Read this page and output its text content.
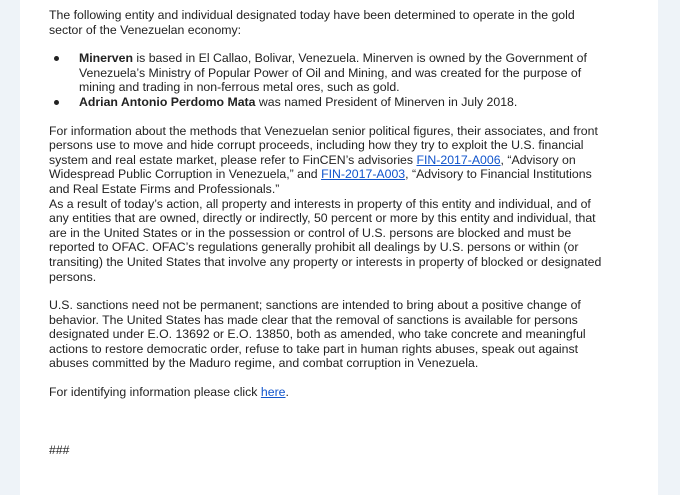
The following entity and individual designated today have been determined to operate in the gold sector of the Venezuelan economy:

Minerven is based in El Callao, Bolivar, Venezuela. Minerven is owned by the Government of Venezuela’s Ministry of Popular Power of Oil and Mining, and was created for the purpose of mining and trading in non-ferrous metal ores, such as gold.
Adrian Antonio Perdomo Mata was named President of Minerven in July 2018.

For information about the methods that Venezuelan senior political figures, their associates, and front persons use to move and hide corrupt proceeds, including how they try to exploit the U.S. financial system and real estate market, please refer to FinCEN’s advisories FIN-2017-A006, “Advisory on Widespread Public Corruption in Venezuela,” and FIN-2017-A003, “Advisory to Financial Institutions and Real Estate Firms and Professionals.”

As a result of today’s action, all property and interests in property of this entity and individual, and of any entities that are owned, directly or indirectly, 50 percent or more by this entity and individual, that are in the United States or in the possession or control of U.S. persons are blocked and must be reported to OFAC. OFAC’s regulations generally prohibit all dealings by U.S. persons or within (or transiting) the United States that involve any property or interests in property of blocked or designated persons.

U.S. sanctions need not be permanent; sanctions are intended to bring about a positive change of behavior. The United States has made clear that the removal of sanctions is available for persons designated under E.O. 13692 or E.O. 13850, both as amended, who take concrete and meaningful actions to restore democratic order, refuse to take part in human rights abuses, speak out against abuses committed by the Maduro regime, and combat corruption in Venezuela.

For identifying information please click here.

###
